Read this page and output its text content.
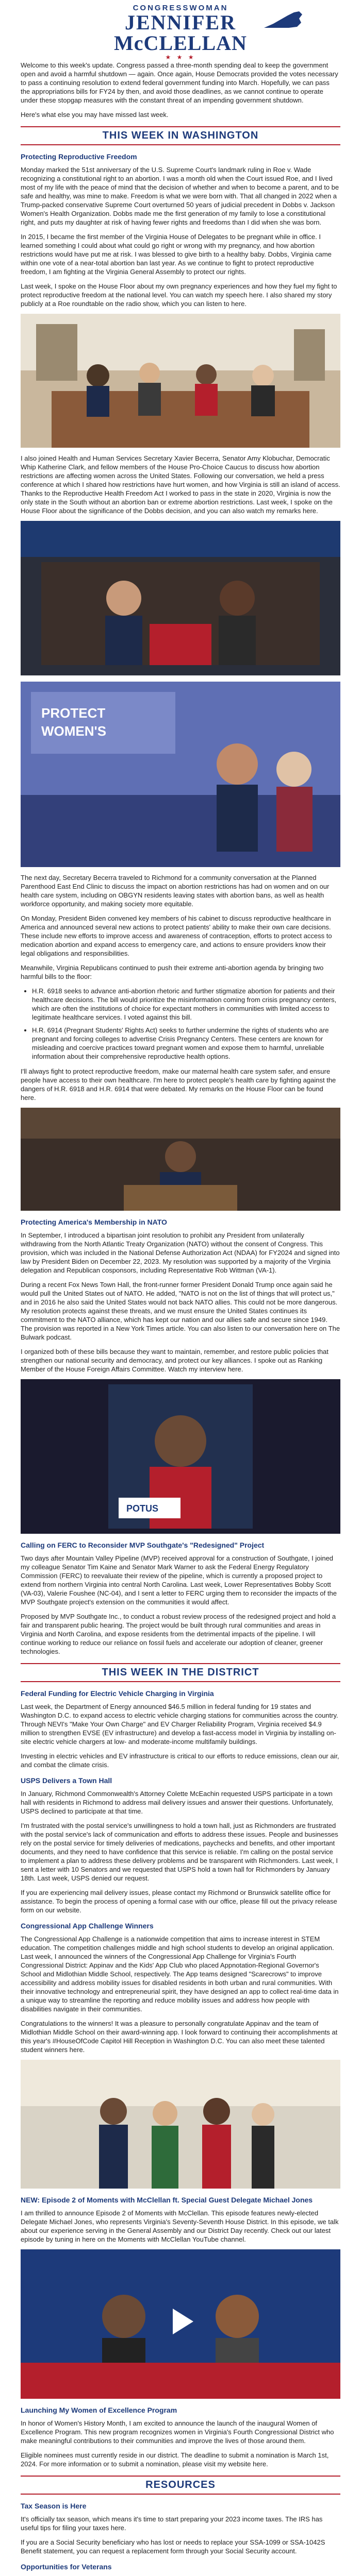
CONGRESSWOMAN
JENNIFER
McCLELLAN
★ ★ ★

Welcome to this week's update. Congress passed a three-month spending deal to keep the government open and avoid a harmful shutdown — again. Once again, House Democrats provided the votes necessary to pass a continuing resolution to extend federal government funding into March. Hopefully, we can pass the appropriations bills for FY24 by then, and avoid those deadlines, as we cannot continue to operate under these stopgap measures with the constant threat of an impending government shutdown.

Here's what else you may have missed last week.

THIS WEEK IN WASHINGTON
Protecting Reproductive Freedom

Monday marked the 51st anniversary of the U.S. Supreme Court's landmark ruling in Roe v. Wade recognizing a constitutional right to an abortion. I was a month old when the Court issued Roe, and I lived most of my life with the peace of mind that the decision of whether and when to become a parent, and to be safe and healthy, was mine to make. Freedom is what we were born with. That all changed in 2022 when a Trump-packed conservative Supreme Court overturned 50 years of judicial precedent in Dobbs v. Jackson Women's Health Organization. Dobbs made me the first generation of my family to lose a constitutional right, and puts my daughter at risk of having fewer rights and freedoms than I did when she was born.

In 2015, I became the first member of the Virginia House of Delegates to be pregnant while in office. I learned something I could about what could go right or wrong with my pregnancy, and how abortion restrictions would have put me at risk. I was blessed to give birth to a healthy baby. Dobbs, Virginia came within one vote of a near-total abortion ban last year. As we continue to fight to protect reproductive freedom, I am fighting at the Virginia General Assembly to protect our rights.

Last week, I spoke on the House Floor about my own pregnancy experiences and how they fuel my fight to protect reproductive freedom at the national level. You can watch my speech here. I also shared my story publicly at a Roe roundtable on the radio show, which you can listen to here.

I also joined Health and Human Services Secretary Xavier Becerra, Senator Amy Klobuchar, Democratic Whip Katherine Clark, and fellow members of the House Pro-Choice Caucus to discuss how abortion restrictions are affecting women across the United States. Following our conversation, we held a press conference at which I shared how restrictions have hurt women, and how Virginia is still an island of access. Thanks to the Reproductive Health Freedom Act I worked to pass in the state in 2020, Virginia is now the only state in the South without an abortion ban or extreme abortion restrictions. Last week, I spoke on the House Floor about the significance of the Dobbs decision, and you can also watch my remarks here.

PROTECT
WOMEN'S

The next day, Secretary Becerra traveled to Richmond for a community conversation at the Planned Parenthood East End Clinic to discuss the impact on abortion restrictions has had on women and on our health care system, including on OBGYN residents leaving states with abortion bans, as well as health workforce opportunity, and making society more equitable.

On Monday, President Biden convened key members of his cabinet to discuss reproductive healthcare in America and announced several new actions to protect patients' ability to make their own care decisions. These include new efforts to improve access and awareness of contraception, efforts to protect access to medication abortion and expand access to emergency care, and actions to ensure providers know their legal obligations and responsibilities.

Meanwhile, Virginia Republicans continued to push their extreme anti-abortion agenda by bringing two harmful bills to the floor:

• H.R. 6918 seeks to advance anti-abortion rhetoric and further stigmatize abortion for patients and their healthcare decisions. The bill would prioritize the misinformation coming from crisis pregnancy centers, which are often the institutions of choice for expectant mothers in communities with limited access to legitimate healthcare services. I voted against this bill.
• H.R. 6914 (Pregnant Students' Rights Act) seeks to further undermine the rights of students who are pregnant and forcing colleges to advertise Crisis Pregnancy Centers. These centers are known for misleading and coercive practices toward pregnant women and expose them to harmful, unreliable information about their comprehensive reproductive health options.

I'll always fight to protect reproductive freedom, make our maternal health care system safer, and ensure people have access to their own healthcare. I'm here to protect people's health care by fighting against the dangers of H.R. 6918 and H.R. 6914 that were debated. My remarks on the House Floor can be found here.

Protecting America's Membership in NATO

In September, I introduced a bipartisan joint resolution to prohibit any President from unilaterally withdrawing from the North Atlantic Treaty Organization (NATO) without the consent of Congress. This provision, which was included in the National Defense Authorization Act (NDAA) for FY2024 and signed into law by President Biden on December 22, 2023. My resolution was supported by a majority of the Virginia delegation and Republican cosponsors, including Representative Rob Wittman (VA-1).

During a recent Fox News Town Hall, the front-runner former President Donald Trump once again said he would pull the United States out of NATO. He added, "NATO is not on the list of things that will protect us," and in 2016 he also said the United States would not back NATO allies. This could not be more dangerous. My resolution protects against these threats, and we must ensure the United States continues its commitment to the NATO alliance, which has kept our nation and our allies safe and secure since 1949. The provision was reported in a New York Times article. You can also listen to our conversation here on The Bulwark podcast.

I organized both of these bills because they want to maintain, remember, and restore public policies that strengthen our national security and democracy, and protect our key alliances. I spoke out as Ranking Member of the House Foreign Affairs Committee. Watch my interview here.

POTUS
Calling on FERC to Reconsider MVP Southgate's "Redesigned" Project

Two days after Mountain Valley Pipeline (MVP) received approval for a construction of Southgate, I joined my colleague Senator Tim Kaine and Senator Mark Warner to ask the Federal Energy Regulatory Commission (FERC) to reevaluate their review of the pipeline, which is currently a proposed project to extend from northern Virginia into central North Carolina. Last week, Lower Representatives Bobby Scott (VA-03), Valerie Foushee (NC-04), and I sent a letter to FERC urging them to reconsider the impacts of the MVP Southgate project's extension on the communities it would affect.

Proposed by MVP Southgate Inc., to conduct a robust review process of the redesigned project and hold a fair and transparent public hearing. The project would be built through rural communities and areas in Virginia and North Carolina, and expose residents from the detrimental impacts of the pipeline. I will continue working to reduce our reliance on fossil fuels and accelerate our adoption of cleaner, greener technologies.

THIS WEEK IN THE DISTRICT
Federal Funding for Electric Vehicle Charging in Virginia

Last week, the Department of Energy announced $46.5 million in federal funding for 19 states and Washington D.C. to expand access to electric vehicle charging stations for communities across the country. Through NEVI's "Make Your Own Charge" and EV Charger Reliability Program, Virginia received $4.9 million to strengthen EVSE (EV infrastructure) and develop a fast-access model in Virginia by installing on-site electric vehicle chargers at low- and moderate-income multifamily buildings.

Investing in electric vehicles and EV infrastructure is critical to our efforts to reduce emissions, clean our air, and combat the climate crisis.

USPS Delivers a Town Hall

In January, Richmond Commonwealth's Attorney Colette McEachin requested USPS participate in a town hall with residents in Richmond to address mail delivery issues and answer their questions. Unfortunately, USPS declined to participate at that time.

I'm frustrated with the postal service's unwillingness to hold a town hall, just as Richmonders are frustrated with the postal service's lack of communication and efforts to address these issues. People and businesses rely on the postal service for timely deliveries of medications, paychecks and benefits, and other important documents, and they need to have confidence that this service is reliable. I'm calling on the postal service to implement a plan to address these delivery problems and be transparent with Richmonders. Last week, I sent a letter with 10 Senators and we requested that USPS hold a town hall for Richmonders by January 18th. Last week, USPS denied our request.

If you are experiencing mail delivery issues, please contact my Richmond or Brunswick satellite office for assistance. To begin the process of opening a formal case with our office, please fill out the privacy release form on our website.

Congressional App Challenge Winners

The Congressional App Challenge is a nationwide competition that aims to increase interest in STEM education. The competition challenges middle and high school students to develop an original application. Last week, I announced the winners of the Congressional App Challenge for Virginia's Fourth Congressional District: Appinav and the Kids' App Club who placed Appnotation-Regional Governor's School and Midlothian Middle School, respectively. The App teams designed "Scarecrows" to improve accessibility and address mobility issues for disabled residents in both urban and rural communities. With their innovative technology and entrepreneurial spirit, they have designed an app to collect real-time data in a unique way to streamline the reporting and reduce mobility issues and address how people with disabilities navigate in their communities.

Congratulations to the winners! It was a pleasure to personally congratulate Appinav and the team of Midlothian Middle School on their award-winning app. I look forward to continuing their accomplishments at this year's #HouseOfCode Capitol Hill Reception in Washington D.C. You can also meet these talented student winners here.

NEW: Episode 2 of Moments with McClellan ft. Special Guest Delegate Michael Jones

I am thrilled to announce Episode 2 of Moments with McClellan. This episode features newly-elected Delegate Michael Jones, who represents Virginia's Seventy-Seventh House District. In this episode, we talk about our experience serving in the General Assembly and our District Day recently. Check out our latest episode by tuning in here on the Moments with McClellan YouTube channel.

Launching My Women of Excellence Program

In honor of Women's History Month, I am excited to announce the launch of the inaugural Women of Excellence Program. This new program recognizes women in Virginia's Fourth Congressional District who make meaningful contributions to their communities and improve the lives of those around them.

Eligible nominees must currently reside in our district. The deadline to submit a nomination is March 1st, 2024. For more information or to submit a nomination, please visit my website here.

RESOURCES
Tax Season is Here

It's officially tax season, which means it's time to start preparing your 2023 income taxes. The IRS has useful tips for filing your taxes here.

If you are a Social Security beneficiary who has lost or needs to replace your SSA-1099 or SSA-1042S Benefit statement, you can request a replacement form through your Social Security account.

Opportunities for Veterans
